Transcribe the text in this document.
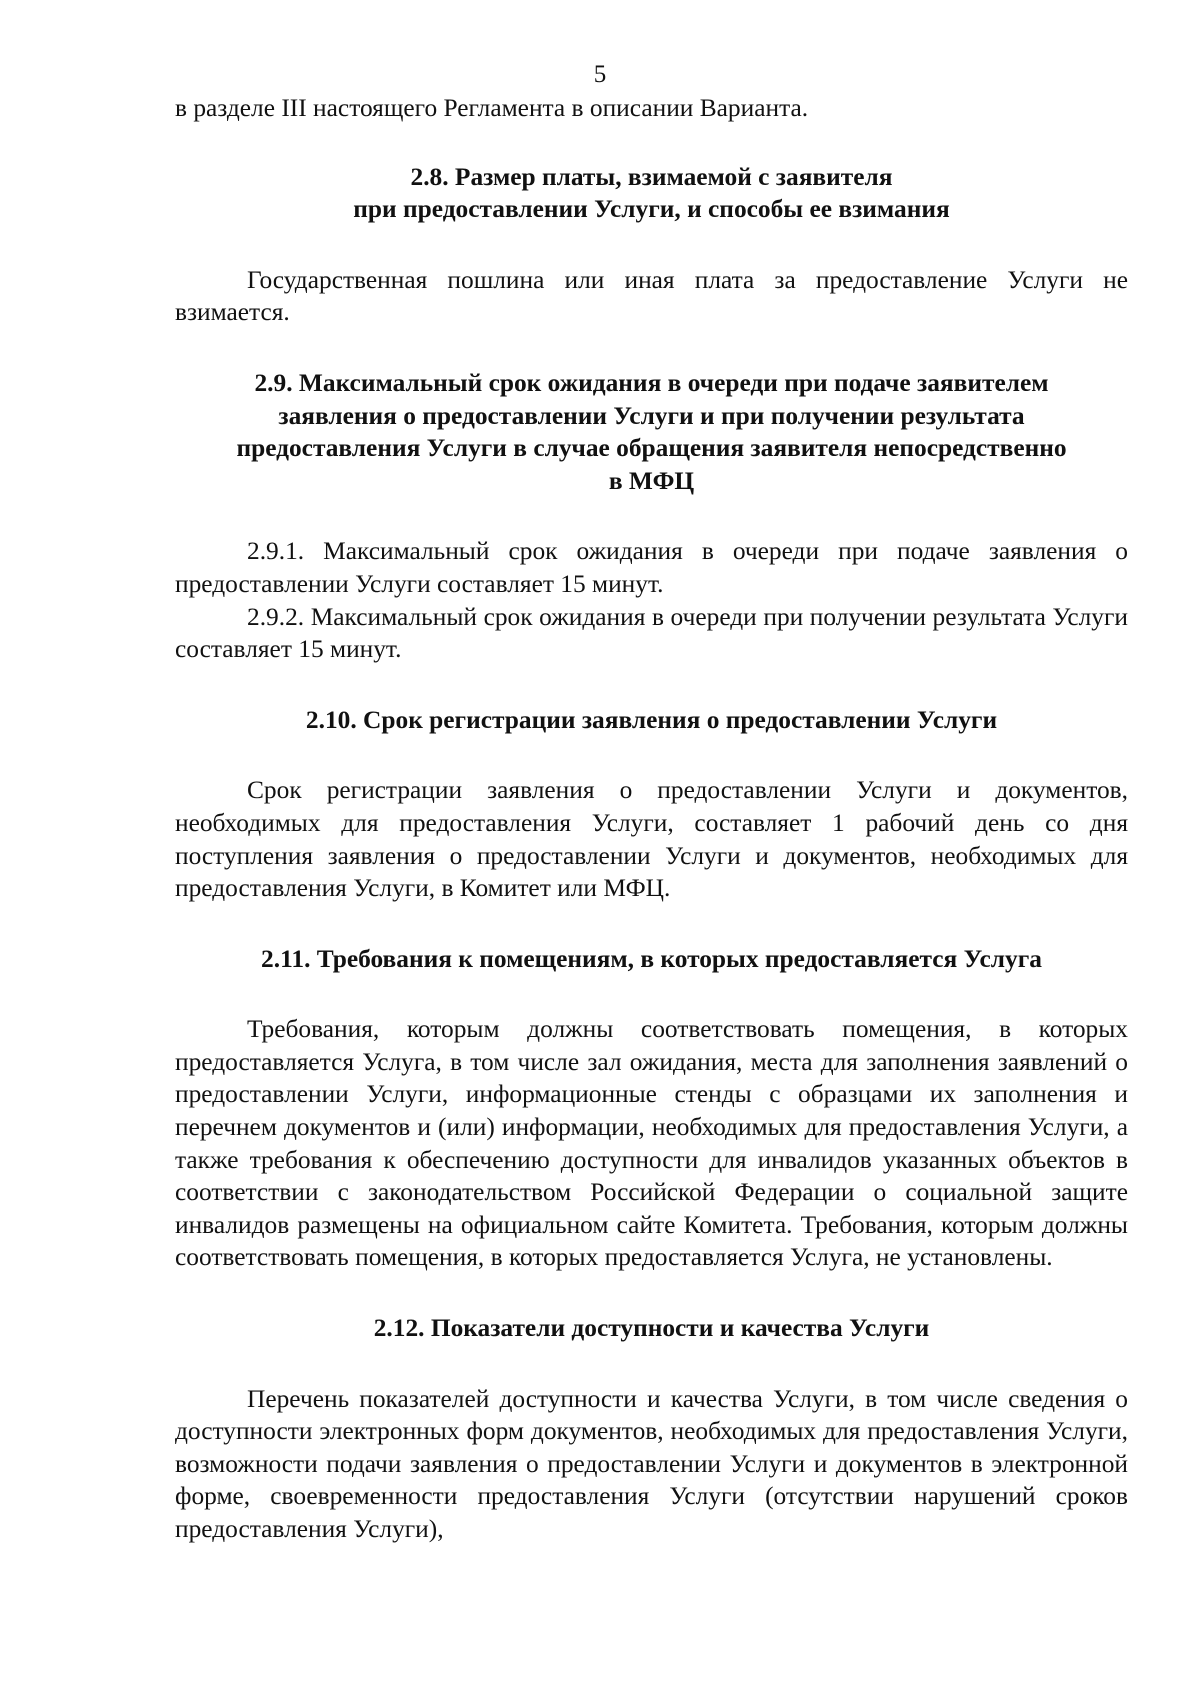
5

в разделе III настоящего Регламента в описании Варианта.

2.8. Размер платы, взимаемой с заявителя
при предоставлении Услуги, и способы ее взимания

Государственная пошлина или иная плата за предоставление Услуги не взимается.

2.9. Максимальный срок ожидания в очереди при подаче заявителем
заявления о предоставлении Услуги и при получении результата
предоставления Услуги в случае обращения заявителя непосредственно
в МФЦ

2.9.1. Максимальный срок ожидания в очереди при подаче заявления о предоставлении Услуги составляет 15 минут.

2.9.2. Максимальный срок ожидания в очереди при получении результата Услуги составляет 15 минут.

2.10. Срок регистрации заявления о предоставлении Услуги

Срок регистрации заявления о предоставлении Услуги и документов, необходимых для предоставления Услуги, составляет 1 рабочий день со дня поступления заявления о предоставлении Услуги и документов, необходимых для предоставления Услуги, в Комитет или МФЦ.

2.11. Требования к помещениям, в которых предоставляется Услуга

Требования, которым должны соответствовать помещения, в которых предоставляется Услуга, в том числе зал ожидания, места для заполнения заявлений о предоставлении Услуги, информационные стенды с образцами их заполнения и перечнем документов и (или) информации, необходимых для предоставления Услуги, а также требования к обеспечению доступности для инвалидов указанных объектов в соответствии с законодательством Российской Федерации о социальной защите инвалидов размещены на официальном сайте Комитета. Требования, которым должны соответствовать помещения, в которых предоставляется Услуга, не установлены.

2.12. Показатели доступности и качества Услуги

Перечень показателей доступности и качества Услуги, в том числе сведения о доступности электронных форм документов, необходимых для предоставления Услуги, возможности подачи заявления о предоставлении Услуги и документов в электронной форме, своевременности предоставления Услуги (отсутствии нарушений сроков предоставления Услуги),
